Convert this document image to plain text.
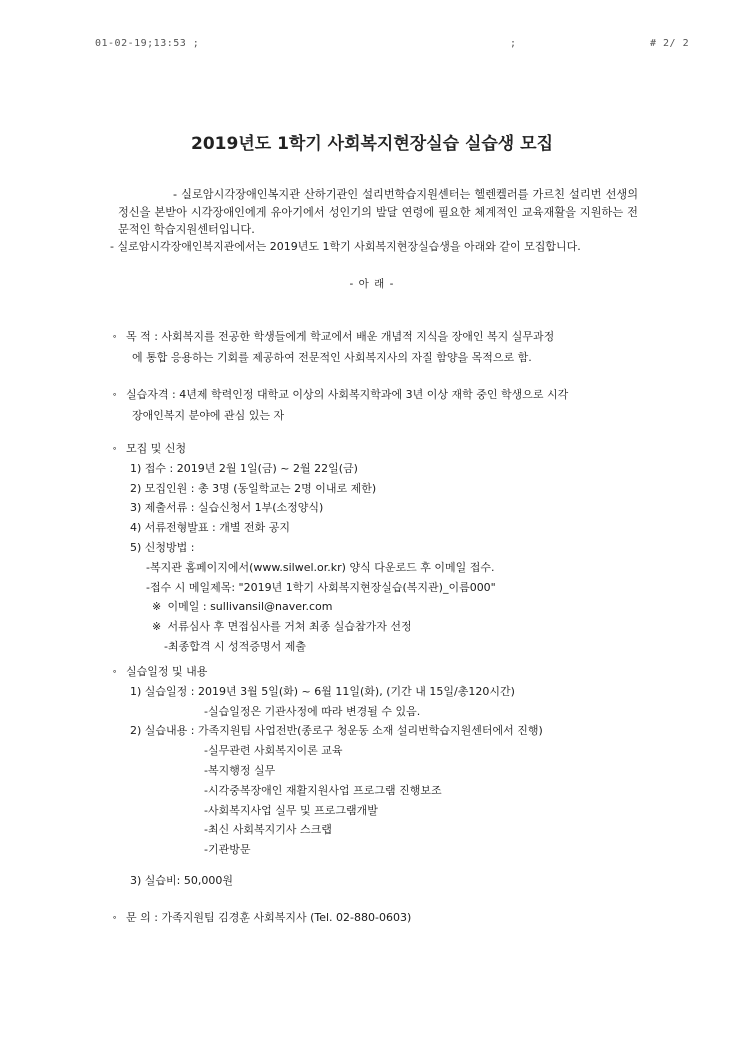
01-02-19;13:53 ;	;	# 2/ 2
2019년도 1학기 사회복지현장실습 실습생 모집
- 실로암시각장애인복지관 산하기관인 설리번학습지원센터는 헬렌켈러를 가르친 설리번 선생의 정신을 본받아 시각장애인에게 유아기에서 성인기의 발달 연령에 필요한 체계적인 교육재활을 지원하는 전문적인 학습지원센터입니다.
- 실로암시각장애인복지관에서는 2019년도 1학기 사회복지현장실습생을 아래와 같이 모집합니다.
- 아 래 -
∘ 목 적 : 사회복지를 전공한 학생들에게 학교에서 배운 개념적 지식을 장애인 복지 실무과정
에 통합 응용하는 기회를 제공하여 전문적인 사회복지사의 자질 함양을 목적으로 함.
∘ 실습자격 : 4년제 학력인정 대학교 이상의 사회복지학과에 3년 이상 재학 중인 학생으로 시각
장애인복지 분야에 관심 있는 자
∘ 모집 및 신청
1) 접수 : 2019년 2월 1일(금) ~ 2월 22일(금)
2) 모집인원 : 총 3명 (동일학교는 2명 이내로 제한)
3) 제출서류 : 실습신청서 1부(소정양식)
4) 서류전형발표 : 개별 전화 공지
5) 신청방법 :
-복지관 홈페이지에서(www.silwel.or.kr) 양식 다운로드 후 이메일 접수.
-접수 시 메일제목: "2019년 1학기 사회복지현장실습(복지관)_이름000"
※ 이메일 : sullivansil@naver.com
※ 서류심사 후 면접심사를 거쳐 최종 실습참가자 선정
-최종합격 시 성적증명서 제출
∘ 실습일정 및 내용
1) 실습일정 : 2019년 3월 5일(화) ~ 6월 11일(화), (기간 내 15일/총120시간)
-실습일정은 기관사정에 따라 변경될 수 있음.
2) 실습내용 : 가족지원팀 사업전반(종로구 청운동 소재 설리번학습지원센터에서 진행)
-실무관련 사회복지이론 교육
-복지행정 실무
-시각중복장애인 재활지원사업 프로그램 진행보조
-사회복지사업 실무 및 프로그램개발
-최신 사회복지기사 스크랩
-기관방문
3) 실습비: 50,000원
∘ 문 의 : 가족지원팀 김경훈 사회복지사 (Tel. 02-880-0603)
